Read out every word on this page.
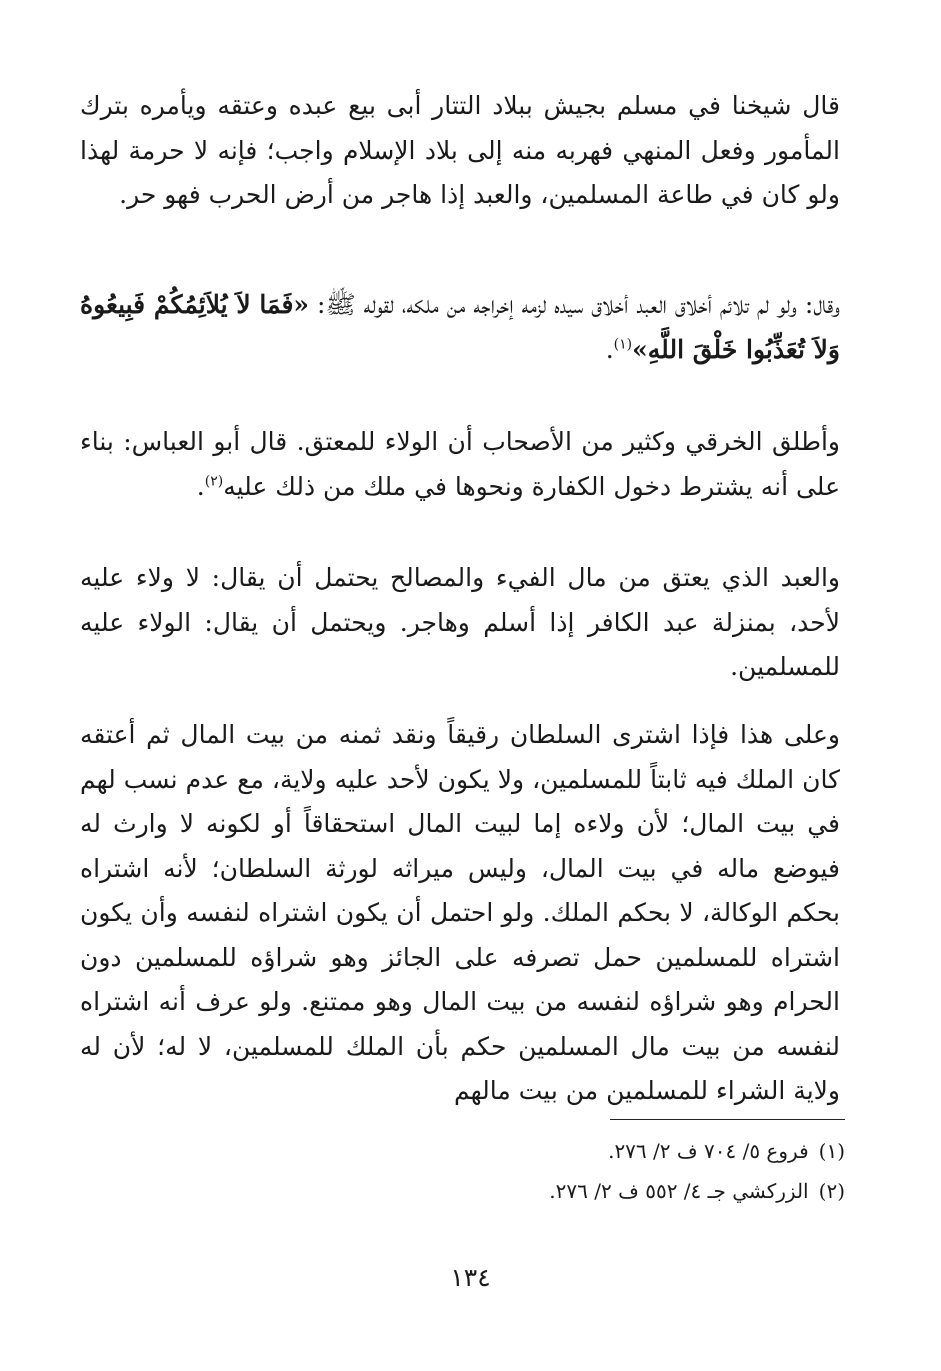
قال شيخنا في مسلم بجيش ببلاد التتار أبى بيع عبده وعتقه ويأمره بترك المأمور وفعل المنهي فهربه منه إلى بلاد الإسلام واجب؛ فإنه لا حرمة لهذا ولو كان في طاعة المسلمين، والعبد إذا هاجر من أرض الحرب فهو حر.

وقال: ولو لم تلائم أخلاق العبد أخلاق سيده لزمه إخراجه من ملكه، لقوله ﷺ: «فَمَا لاَ يُلاَئِمُكُمْ فَبِيعُوهُ وَلاَ تُعَذِّبُوا خَلْقَ اللَّهِ»$^{(١)}$.

وأطلق الخرقي وكثير من الأصحاب أن الولاء للمعتق. قال أبو العباس: بناء على أنه يشترط دخول الكفارة ونحوها في ملك من ذلك عليه$^{(٢)}$.

والعبد الذي يعتق من مال الفيء والمصالح يحتمل أن يقال: لا ولاء عليه لأحد، بمنزلة عبد الكافر إذا أسلم وهاجر. ويحتمل أن يقال: الولاء عليه للمسلمين.

وعلى هذا فإذا اشترى السلطان رقيقاً ونقد ثمنه من بيت المال ثم أعتقه كان الملك فيه ثابتاً للمسلمين، ولا يكون لأحد عليه ولاية، مع عدم نسب لهم في بيت المال؛ لأن ولاءه إما لبيت المال استحقاقاً أو لكونه لا وارث له فيوضع ماله في بيت المال، وليس ميراثه لورثة السلطان؛ لأنه اشتراه بحكم الوكالة، لا بحكم الملك. ولو احتمل أن يكون اشتراه لنفسه وأن يكون اشتراه للمسلمين حمل تصرفه على الجائز وهو شراؤه للمسلمين دون الحرام وهو شراؤه لنفسه من بيت المال وهو ممتنع. ولو عرف أنه اشتراه لنفسه من بيت مال المسلمين حكم بأن الملك للمسلمين، لا له؛ لأن له ولاية الشراء للمسلمين من بيت مالهم

(١)فروع ٥/ ٧٠٤ ف ٢/ ٢٧٦.
(٢)الزركشي جـ ٤/ ٥٥٢ ف ٢/ ٢٧٦.
١٣٤
